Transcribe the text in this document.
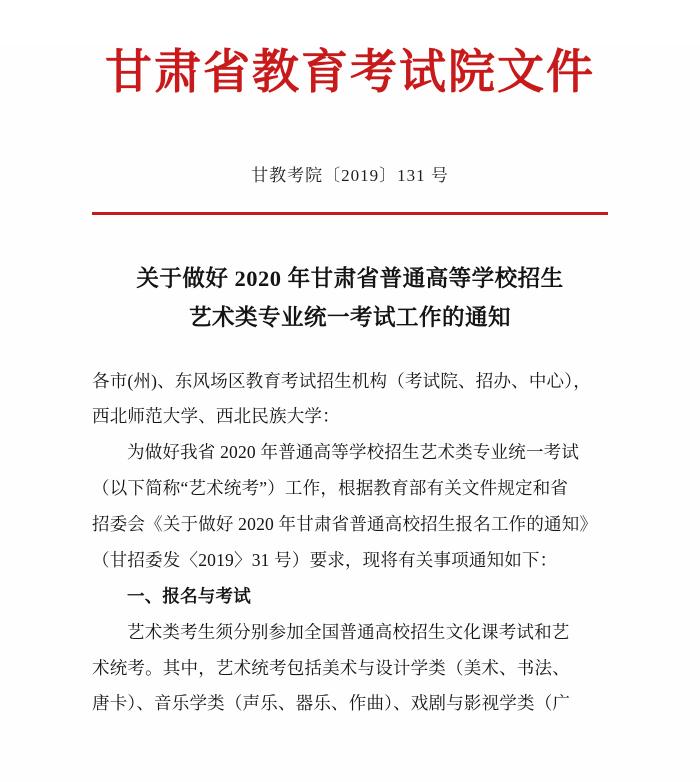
甘肃省教育考试院文件
甘教考院〔2019〕131 号
关于做好 2020 年甘肃省普通高等学校招生
艺术类专业统一考试工作的通知

各市(州)、东风场区教育考试招生机构（考试院、招办、中心），

西北师范大学、西北民族大学：

为做好我省 2020 年普通高等学校招生艺术类专业统一考试

（以下简称“艺术统考”）工作，根据教育部有关文件规定和省

招委会《关于做好 2020 年甘肃省普通高校招生报名工作的通知》

（甘招委发〈2019〉31 号）要求，现将有关事项通知如下：

一、报名与考试

艺术类考生须分别参加全国普通高校招生文化课考试和艺

术统考。其中，艺术统考包括美术与设计学类（美术、书法、

唐卡）、音乐学类（声乐、器乐、作曲）、戏剧与影视学类（广
